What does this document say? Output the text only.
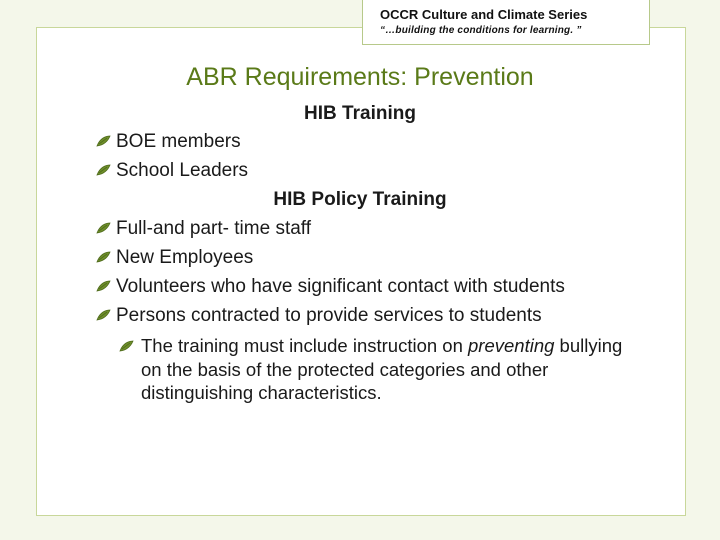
OCCR Culture and Climate Series
“…building the conditions for learning. ”
ABR Requirements: Prevention
HIB Training
BOE members
School Leaders
HIB Policy Training
Full-and part- time staff
New Employees
Volunteers who have significant contact with students
Persons contracted to provide services to students
The training must include instruction on preventing bullying on the basis of the protected categories and other distinguishing characteristics.
